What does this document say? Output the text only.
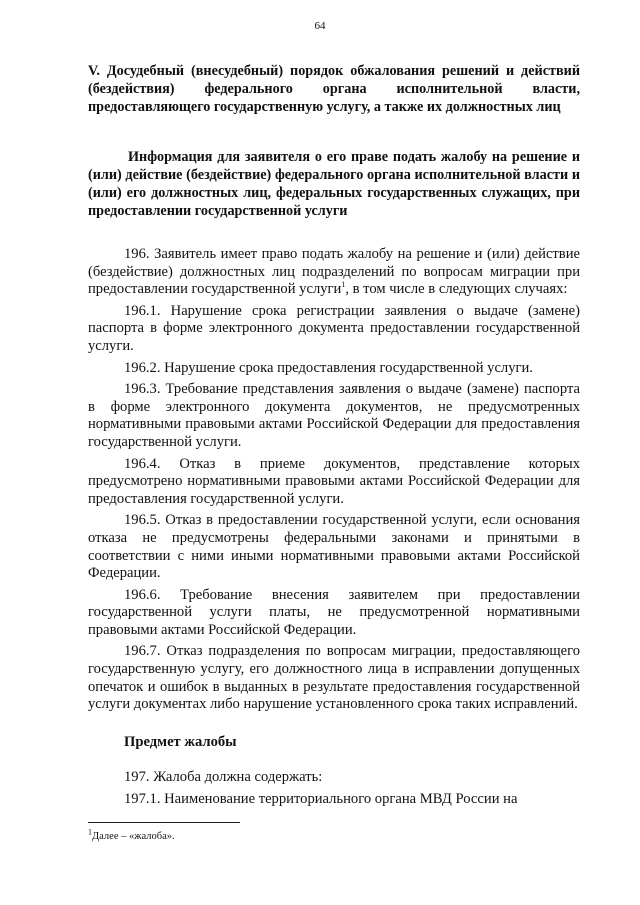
64
V. Досудебный (внесудебный) порядок обжалования решений и действий (бездействия) федерального органа исполнительной власти, предоставляющего государственную услугу, а также их должностных лиц
Информация для заявителя о его праве подать жалобу на решение и (или) действие (бездействие) федерального органа исполнительной власти и (или) его должностных лиц, федеральных государственных служащих, при предоставлении государственной услуги

196. Заявитель имеет право подать жалобу на решение и (или) действие (бездействие) должностных лиц подразделений по вопросам миграции при предоставлении государственной услуги$^1$, в том числе в следующих случаях:

196.1. Нарушение срока регистрации заявления о выдаче (замене) паспорта в форме электронного документа предоставлении государственной услуги.

196.2. Нарушение срока предоставления государственной услуги.

196.3. Требование представления заявления о выдаче (замене) паспорта в форме электронного документа документов, не предусмотренных нормативными правовыми актами Российской Федерации для предоставления государственной услуги.

196.4. Отказ в приеме документов, представление которых предусмотрено нормативными правовыми актами Российской Федерации для предоставления государственной услуги.

196.5. Отказ в предоставлении государственной услуги, если основания отказа не предусмотрены федеральными законами и принятыми в соответствии с ними иными нормативными правовыми актами Российской Федерации.

196.6. Требование внесения заявителем при предоставлении государственной услуги платы, не предусмотренной нормативными правовыми актами Российской Федерации.

196.7. Отказ подразделения по вопросам миграции, предоставляющего государственную услугу, его должностного лица в исправлении допущенных опечаток и ошибок в выданных в результате предоставления государственной услуги документах либо нарушение установленного срока таких исправлений.

Предмет жалобы

197. Жалоба должна содержать:

197.1. Наименование территориального органа МВД России на

$^1$Далее – «жалоба».
